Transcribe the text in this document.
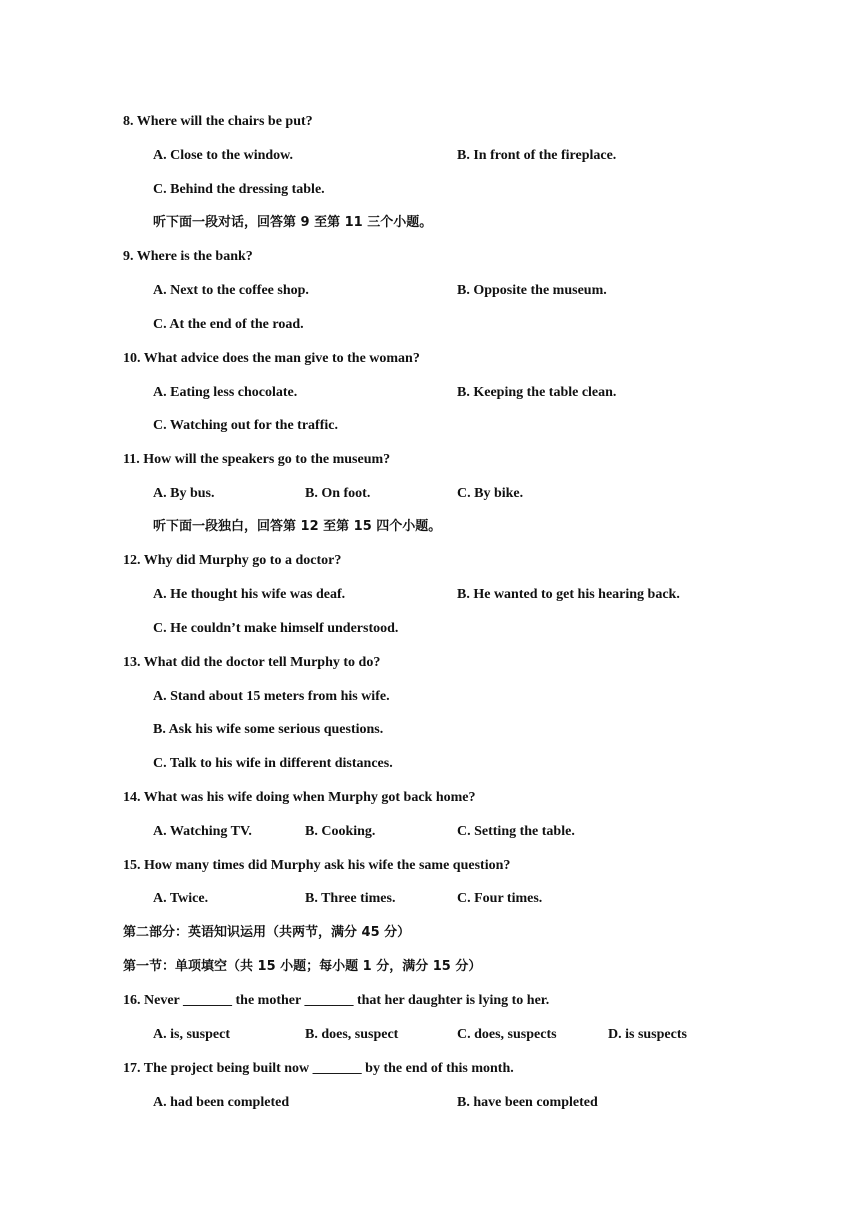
8. Where will the chairs be put?
A. Close to the window.	B. In front of the fireplace.
C. Behind the dressing table.
听下面一段对话，回答第 9 至第 11 三个小题。
9. Where is the bank?
A. Next to the coffee shop.	B. Opposite the museum.
C. At the end of the road.
10. What advice does the man give to the woman?
A. Eating less chocolate.	B. Keeping the table clean.
C. Watching out for the traffic.
11. How will the speakers go to the museum?
A. By bus.	B. On foot.	C. By bike.
听下面一段独白，回答第 12 至第 15 四个小题。
12. Why did Murphy go to a doctor?
A. He thought his wife was deaf.	B. He wanted to get his hearing back.
C. He couldn’t make himself understood.
13. What did the doctor tell Murphy to do?
A. Stand about 15 meters from his wife.
B. Ask his wife some serious questions.
C. Talk to his wife in different distances.
14. What was his wife doing when Murphy got back home?
A. Watching TV.	B. Cooking.	C. Setting the table.
15. How many times did Murphy ask his wife the same question?
A. Twice.	B. Three times.	C. Four times.
第二部分：英语知识运用（共两节，满分 45 分）
第一节：单项填空（共 15 小题；每小题 1 分，满分 15 分）
16. Never _______ the mother _______ that her daughter is lying to her.
A. is, suspect	B. does, suspect	C. does, suspects	D. is suspects
17. The project being built now _______ by the end of this month.
A. had been completed	B. have been completed
